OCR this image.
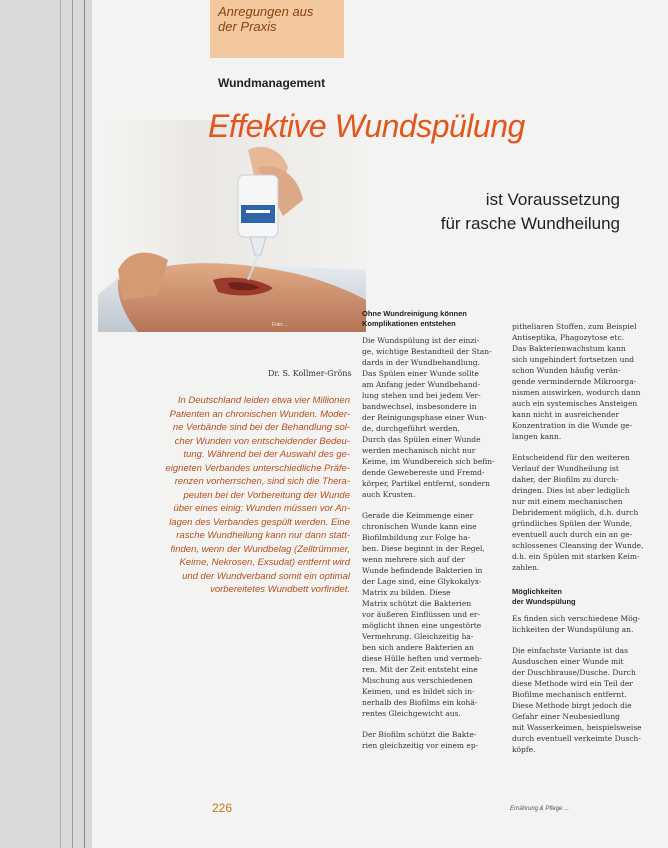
Anregungen aus
der Praxis
Foto: ...
Wundmanagement
Effektive Wundspülung
ist Voraussetzung
für rasche Wundheilung
Dr. S. Kollmer-Gröns
In Deutschland leiden etwa vier Millionen
Patienten an chronischen Wunden. Moder-
ne Verbände sind bei der Behandlung sol-
cher Wunden von entscheidender Bedeu-
tung. Während bei der Auswahl des ge-
eigneten Verbandes unterschiedliche Präfe-
renzen vorherrschen, sind sich die Thera-
peuten bei der Vorbereitung der Wunde
über eines einig: Wunden müssen vor An-
lagen des Verbandes gespült werden. Eine
rasche Wundheilung kann nur dann statt-
finden, wenn der Wundbelag (Zelltrümmer,
Keime, Nekrosen, Exsudat) entfernt wird
und der Wundverband somit ein optimal
vorbereitetes Wundbett vorfindet.
Ohne Wundreinigung können
Komplikationen entstehen
Die Wundspülung ist der einzi-
ge, wichtige Bestandteil der Stan-
dards in der Wundbehandlung.
Das Spülen einer Wunde sollte
am Anfang jeder Wundbehand-
lung stehen und bei jedem Ver-
bandwechsel, insbesondere in
der Reinigungsphase einer Wun-
de, durchgeführt werden.
Durch das Spülen einer Wunde
werden mechanisch nicht nur
Keime, im Wundbereich sich befin-
dende Gewebereste und Fremd-
körper, Partikel entfernt, sondern
auch Krusten.
Gerade die Keimmenge einer
chronischen Wunde kann eine
Biofilmbildung zur Folge ha-
ben. Diese beginnt in der Regel,
wenn mehrere sich auf der
Wunde befindende Bakterien in
der Lage sind, eine Glykokalyx-
Matrix zu bilden. Diese
Matrix schützt die Bakterien
vor äußeren Einflüssen und er-
möglicht ihnen eine ungestörte
Vermehrung. Gleichzeitig ha-
ben sich andere Bakterien an
diese Hülle heften und vermeh-
ren. Mit der Zeit entsteht eine
Mischung aus verschiedenen
Keimen, und es bildet sich in-
nerhalb des Biofilms ein kohä-
rentes Gleichgewicht aus.
Der Biofilm schützt die Bakte-
rien gleichzeitig vor einem ep-
pitheliaren Stoffen, zum Beispiel
Antiseptika, Phagozytose etc.
Das Bakterienwachstum kann
sich ungehindert fortsetzen und
schon Wunden häufig verän-
gende vermindernde Mikroorga-
nismen auswirken, wodurch dann
auch ein systemisches Ansteigen
kann nicht in ausreichender
Konzentration in die Wunde ge-
langen kann.
Entscheidend für den weiteren
Verlauf der Wundheilung ist
daher, der Biofilm zu durch-
dringen. Dies ist aber lediglich
nur mit einem mechanischen
Debridement möglich, d.h. durch
gründliches Spülen der Wunde,
eventuell auch durch ein an ge-
schlossenes Cleansing der Wunde,
d.h. ein Spülen mit starken Keim-
zahlen.
Möglichkeiten
der Wundspülung
Es finden sich verschiedene Mög-
lichkeiten der Wundspülung an.
Die einfachste Variante ist das
Ausduschen einer Wunde mit
der Duschbrause/Dusche. Durch
diese Methode wird ein Teil der
Biofilme mechanisch entfernt.
Diese Methode birgt jedoch die
Gefahr einer Neubesiedlung
mit Wasserkeimen, beispielsweise
durch eventuell verkeimte Dusch-
köpfe.
226	Ernährung & Pflege ...
